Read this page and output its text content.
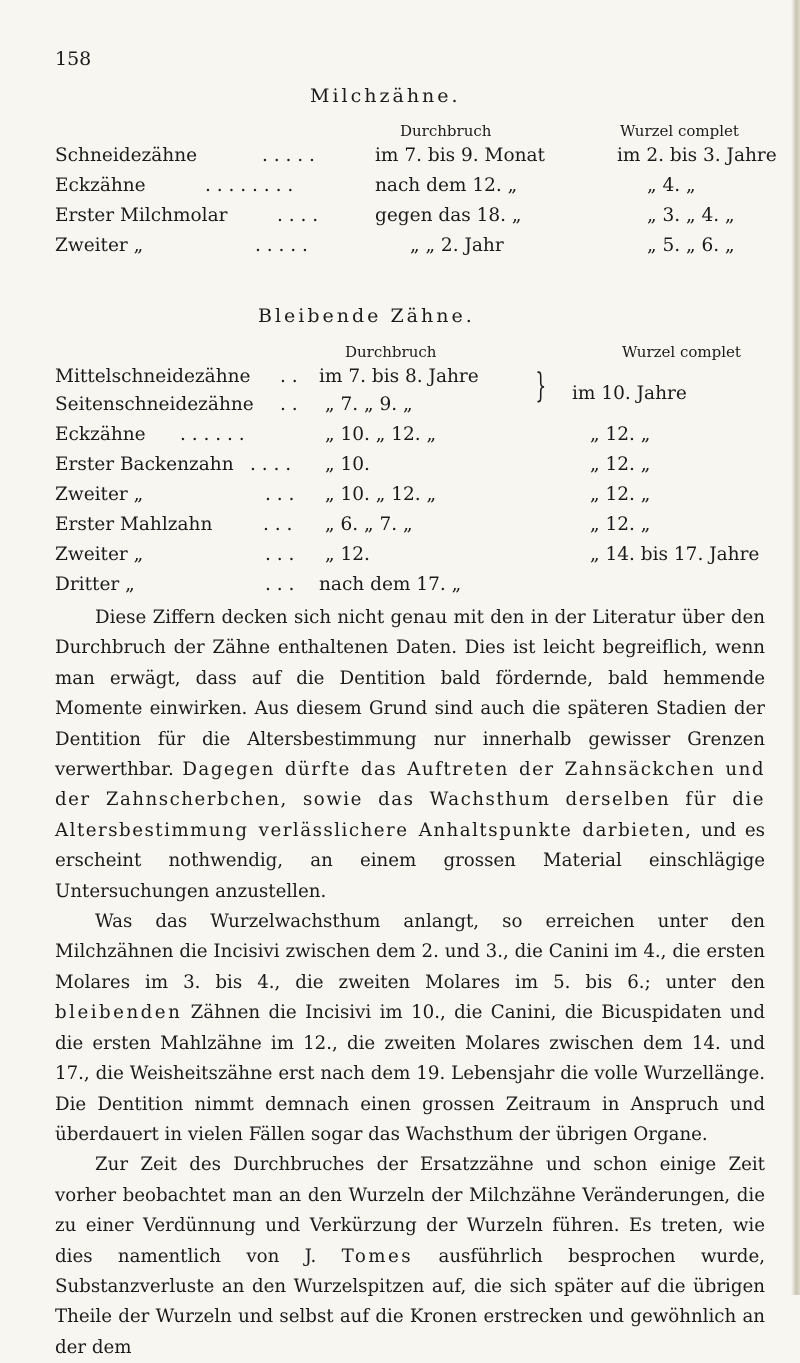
158
Milchzähne.
Durchbruch	Wurzel complet
Schneidezähne	. . . . .	im 7. bis 9. Monat	im 2. bis 3. Jahre
Eckzähne	. . . . . . . .	nach dem 12. „	„ 4. „
Erster Milchmolar	. . . .	gegen das 18. „	„ 3. „ 4. „
Zweiter „	. . . . .	„ „ 2. Jahr	„ 5. „ 6. „
Bleibende Zähne.
Durchbruch	Wurzel complet
} im 10. Jahre
Mittelschneidezähne . . im 7. bis 8. Jahre
Seitenschneidezähne . . „ 7. „ 9. „
Eckzähne . . . . . .	„ 10. „ 12. „	„ 12. „
Erster Backenzahn . . . . „ 10.	„ 12. „
Zweiter „	. . . „ 10. „ 12. „	„ 12. „
Erster Mahlzahn	. . . „ 6. „ 7. „	„ 12. „
Zweiter „	. . . „ 12.	„ 14. bis 17. Jahre
Dritter „	. . . nach dem 17. „

Diese Ziffern decken sich nicht genau mit den in der Literatur über den Durchbruch der Zähne enthaltenen Daten. Dies ist leicht begreiflich, wenn man erwägt, dass auf die Dentition bald fördernde, bald hemmende Momente einwirken. Aus diesem Grund sind auch die späteren Stadien der Dentition für die Altersbestimmung nur innerhalb gewisser Grenzen verwerthbar. Dagegen dürfte das Auftreten der Zahnsäckchen und der Zahnscherbchen, sowie das Wachsthum derselben für die Altersbestimmung verlässlichere Anhaltspunkte darbieten, und es erscheint nothwendig, an einem grossen Material einschlägige Untersuchungen anzustellen.

Was das Wurzelwachsthum anlangt, so erreichen unter den Milchzähnen die Incisivi zwischen dem 2. und 3., die Canini im 4., die ersten Molares im 3. bis 4., die zweiten Molares im 5. bis 6.; unter den bleibenden Zähnen die Incisivi im 10., die Canini, die Bicuspidaten und die ersten Mahlzähne im 12., die zweiten Molares zwischen dem 14. und 17., die Weisheitszähne erst nach dem 19. Lebensjahr die volle Wurzellänge. Die Dentition nimmt demnach einen grossen Zeitraum in Anspruch und überdauert in vielen Fällen sogar das Wachsthum der übrigen Organe.

Zur Zeit des Durchbruches der Ersatzzähne und schon einige Zeit vorher beobachtet man an den Wurzeln der Milchzähne Veränderungen, die zu einer Verdünnung und Verkürzung der Wurzeln führen. Es treten, wie dies namentlich von J. Tomes ausführlich besprochen wurde, Substanzverluste an den Wurzelspitzen auf, die sich später auf die übrigen Theile der Wurzeln und selbst auf die Kronen erstrecken und gewöhnlich an der dem
